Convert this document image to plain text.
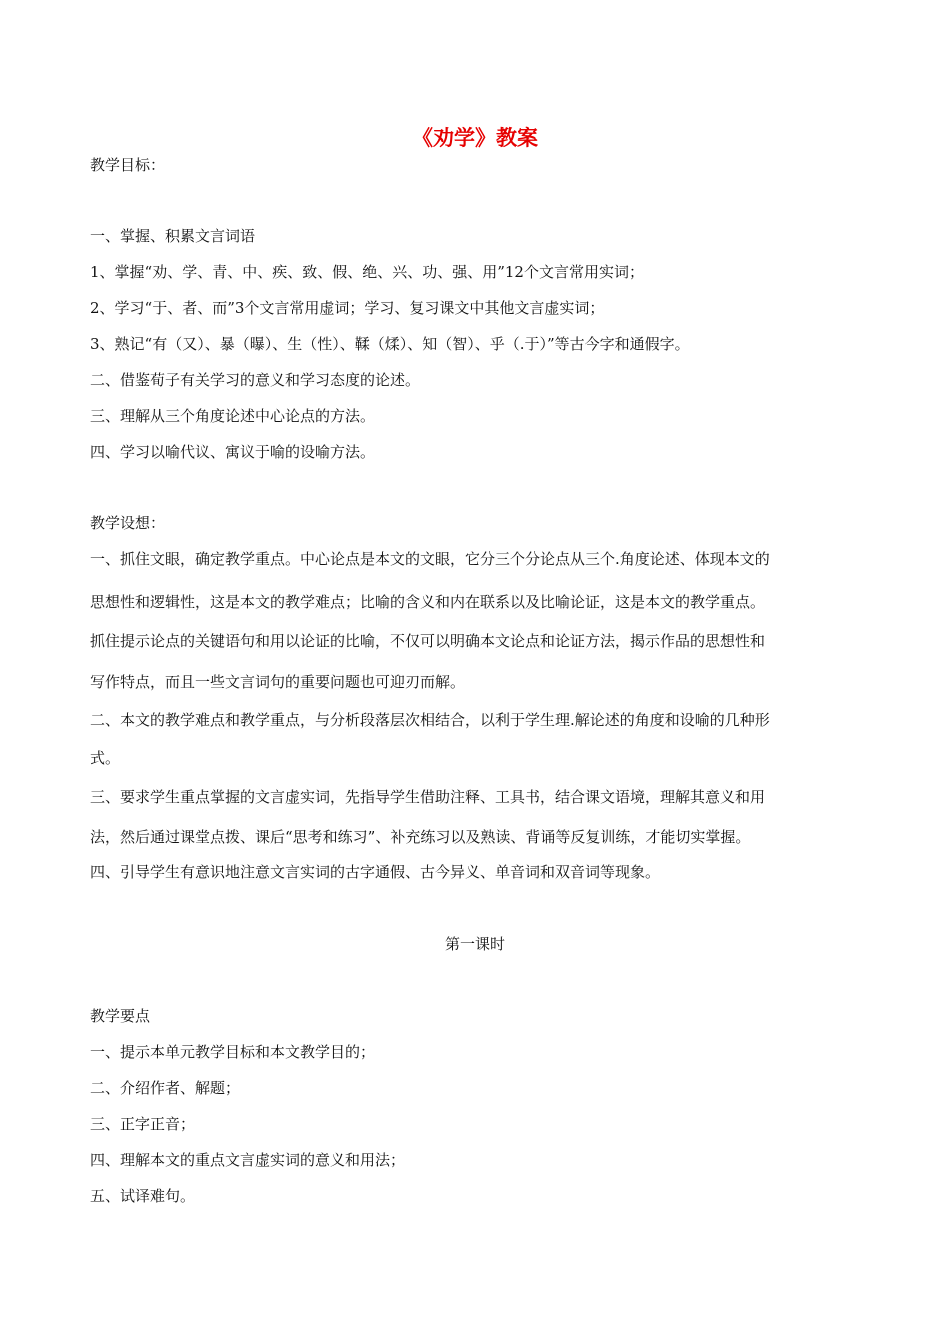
《劝学》教案
教学目标：
一、掌握、积累文言词语
1、掌握“劝、学、青、中、疾、致、假、绝、兴、功、强、用”12个文言常用实词；
2、学习“于、者、而”3个文言常用虚词；学习、复习课文中其他文言虚实词；
3、熟记“有（又）、暴（曝）、生（性）、鞣（煣）、知（智）、乎（.于）”等古今字和通假字。
二、借鉴荀子有关学习的意义和学习态度的论述。
三、理解从三个角度论述中心论点的方法。
四、学习以喻代议、寓议于喻的设喻方法。
教学设想：
一、抓住文眼，确定教学重点。中心论点是本文的文眼，它分三个分论点从三个.角度论述、体现本文的
思想性和逻辑性，这是本文的教学难点；比喻的含义和内在联系以及比喻论证，这是本文的教学重点。
抓住提示论点的关键语句和用以论证的比喻，不仅可以明确本文论点和论证方法，揭示作品的思想性和
写作特点，而且一些文言词句的重要问题也可迎刃而解。
二、本文的教学难点和教学重点，与分析段落层次相结合，以利于学生理.解论述的角度和设喻的几种形
式。
三、要求学生重点掌握的文言虚实词，先指导学生借助注释、工具书，结合课文语境，理解其意义和用
法，然后通过课堂点拨、课后“思考和练习”、补充练习以及熟读、背诵等反复训练，才能切实掌握。
四、引导学生有意识地注意文言实词的古字通假、古今异义、单音词和双音词等现象。
第一课时
教学要点
一、提示本单元教学目标和本文教学目的；
二、介绍作者、解题；
三、正字正音；
四、理解本文的重点文言虚实词的意义和用法；
五、试译难句。
